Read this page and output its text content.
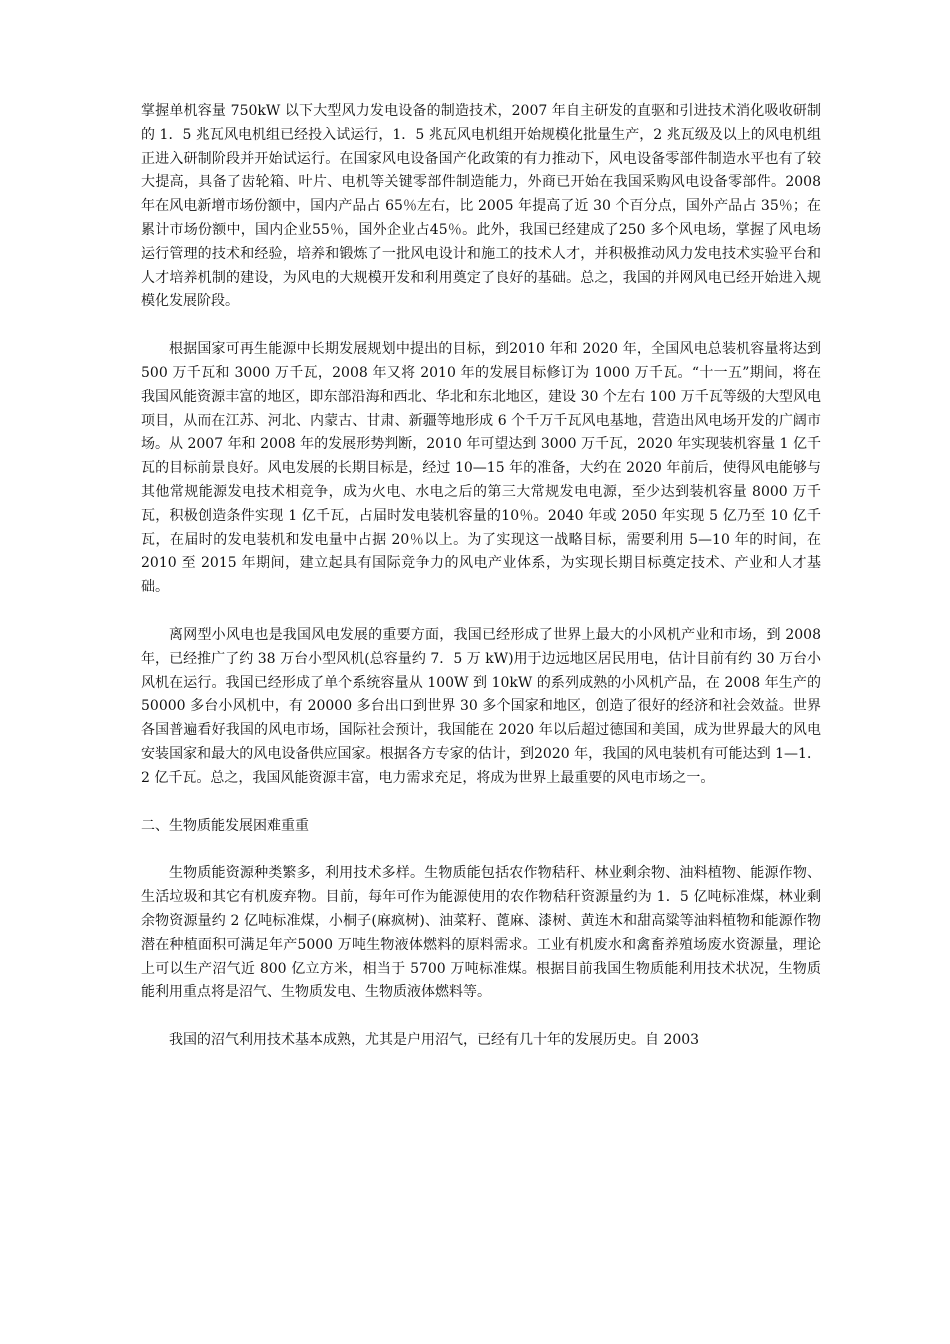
掌握单机容量 750kW 以下大型风力发电设备的制造技术，2007 年自主研发的直驱和引进技术消化吸收研制的 1．5 兆瓦风电机组已经投入试运行，1．5 兆瓦风电机组开始规模化批量生产，2 兆瓦级及以上的风电机组正进入研制阶段并开始试运行。在国家风电设备国产化政策的有力推动下，风电设备零部件制造水平也有了较大提高，具备了齿轮箱、叶片、电机等关键零部件制造能力，外商已开始在我国采购风电设备零部件。2008 年在风电新增市场份额中，国内产品占 65％左右，比 2005 年提高了近 30 个百分点，国外产品占 35％；在累计市场份额中，国内企业55％，国外企业占45％。此外，我国已经建成了250 多个风电场，掌握了风电场运行管理的技术和经验，培养和锻炼了一批风电设计和施工的技术人才，并积极推动风力发电技术实验平台和人才培养机制的建设，为风电的大规模开发和利用奠定了良好的基础。总之，我国的并网风电已经开始进入规模化发展阶段。

根据国家可再生能源中长期发展规划中提出的目标，到2010 年和 2020 年，全国风电总装机容量将达到 500 万千瓦和 3000 万千瓦，2008 年又将 2010 年的发展目标修订为 1000 万千瓦。“十一五”期间，将在我国风能资源丰富的地区，即东部沿海和西北、华北和东北地区，建设 30 个左右 100 万千瓦等级的大型风电项目，从而在江苏、河北、内蒙古、甘肃、新疆等地形成 6 个千万千瓦风电基地，营造出风电场开发的广阔市场。从 2007 年和 2008 年的发展形势判断，2010 年可望达到 3000 万千瓦，2020 年实现装机容量 1 亿千瓦的目标前景良好。风电发展的长期目标是，经过 10—15 年的准备，大约在 2020 年前后，使得风电能够与其他常规能源发电技术相竞争，成为火电、水电之后的第三大常规发电电源，至少达到装机容量 8000 万千瓦，积极创造条件实现 1 亿千瓦，占届时发电装机容量的10％。2040 年或 2050 年实现 5 亿乃至 10 亿千瓦，在届时的发电装机和发电量中占据 20％以上。为了实现这一战略目标，需要利用 5—10 年的时间，在 2010 至 2015 年期间，建立起具有国际竞争力的风电产业体系，为实现长期目标奠定技术、产业和人才基础。

离网型小风电也是我国风电发展的重要方面，我国已经形成了世界上最大的小风机产业和市场，到 2008 年，已经推广了约 38 万台小型风机(总容量约 7．5 万 kW)用于边远地区居民用电，估计目前有约 30 万台小风机在运行。我国已经形成了单个系统容量从 100W 到 10kW 的系列成熟的小风机产品，在 2008 年生产的 50000 多台小风机中，有 20000 多台出口到世界 30 多个国家和地区，创造了很好的经济和社会效益。世界各国普遍看好我国的风电市场，国际社会预计，我国能在 2020 年以后超过德国和美国，成为世界最大的风电安装国家和最大的风电设备供应国家。根据各方专家的估计，到2020 年，我国的风电装机有可能达到 1—1．2 亿千瓦。总之，我国风能资源丰富，电力需求充足，将成为世界上最重要的风电市场之一。

二、生物质能发展困难重重

生物质能资源种类繁多，利用技术多样。生物质能包括农作物秸秆、林业剩余物、油料植物、能源作物、生活垃圾和其它有机废弃物。目前，每年可作为能源使用的农作物秸秆资源量约为 1．5 亿吨标准煤，林业剩余物资源量约 2 亿吨标准煤，小桐子(麻疯树)、油菜籽、蓖麻、漆树、黄连木和甜高粱等油料植物和能源作物潜在种植面积可满足年产5000 万吨生物液体燃料的原料需求。工业有机废水和禽畜养殖场废水资源量，理论上可以生产沼气近 800 亿立方米，相当于 5700 万吨标准煤。根据目前我国生物质能利用技术状况，生物质能利用重点将是沼气、生物质发电、生物质液体燃料等。

我国的沼气利用技术基本成熟，尤其是户用沼气，已经有几十年的发展历史。自 2003
